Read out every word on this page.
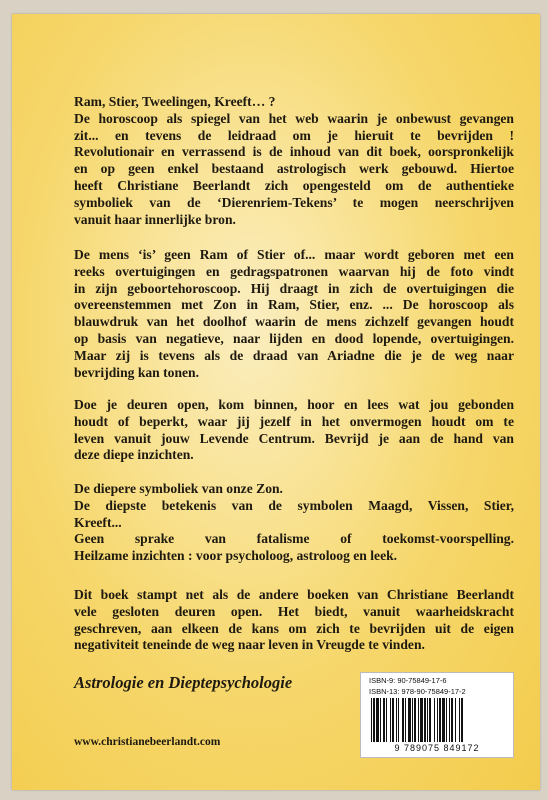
Ram, Stier, Tweelingen, Kreeft… ?
De horoscoop als spiegel van het web waarin je onbewust gevangen
zit... en tevens de leidraad om je hieruit te bevrijden !
Revolutionair en verrassend is de inhoud van dit boek, oorspronkelijk
en op geen enkel bestaand astrologisch werk gebouwd. Hiertoe
heeft Christiane Beerlandt zich opengesteld om de authentieke
symboliek van de ‘Dierenriem-Tekens’ te mogen neerschrijven
vanuit haar innerlijke bron.

De mens ‘is’ geen Ram of Stier of... maar wordt geboren met een
reeks overtuigingen en gedragspatronen waarvan hij de foto vindt
in zijn geboortehoroscoop. Hij draagt in zich de overtuigingen die
overeenstemmen met Zon in Ram, Stier, enz. ... De horoscoop als
blauwdruk van het doolhof waarin de mens zichzelf gevangen houdt
op basis van negatieve, naar lijden en dood lopende, overtuigingen.
Maar zij is tevens als de draad van Ariadne die je de weg naar
bevrijding kan tonen.

Doe je deuren open, kom binnen, hoor en lees wat jou gebonden
houdt of beperkt, waar jij jezelf in het onvermogen houdt om te
leven vanuit jouw Levende Centrum. Bevrijd je aan de hand van
deze diepe inzichten.

De diepere symboliek van onze Zon.
De diepste betekenis van de symbolen Maagd, Vissen, Stier,
Kreeft...
Geen sprake van fatalisme of toekomst-voorspelling.
Heilzame inzichten : voor psycholoog, astroloog en leek.

Dit boek stampt net als de andere boeken van Christiane Beerlandt
vele gesloten deuren open. Het biedt, vanuit waarheidskracht
geschreven, aan elkeen de kans om zich te bevrijden uit de eigen
negativiteit teneinde de weg naar leven in Vreugde te vinden.

Astrologie en Dieptepsychologie
www.christianebeerlandt.com
ISBN-9: 90-75849-17-6
ISBN-13: 978-90-75849-17-2
9 789075 849172
